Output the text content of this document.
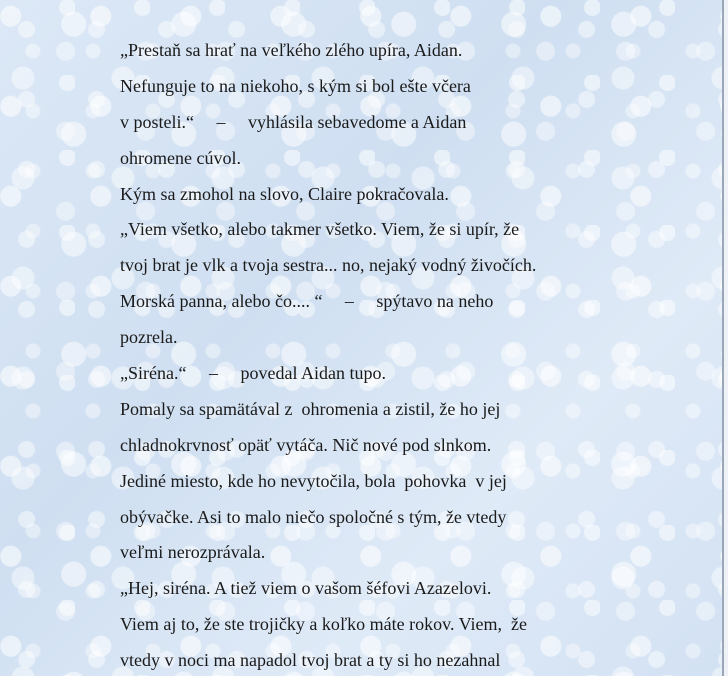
„Prestaň sa hrať na veľkého zlého upíra, Aidan.
Nefunguje to na niekoho, s kým si bol ešte včera
v posteli.“     –     vyhlásila sebavedome a Aidan
ohromene cúvol.
Kým sa zmohol na slovo, Claire pokračovala.
„Viem všetko, alebo takmer všetko. Viem, že si upír, že
tvoj brat je vlk a tvoja sestra... no, nejaký vodný živočích.
Morská panna, alebo čo.... “     –     spýtavo na neho
pozrela.
„Siréna.“     –     povedal Aidan tupo.
Pomaly sa spamätával z  ohromenia a zistil, že ho jej
chladnokrvnosť opäť vytáča. Nič nové pod slnkom.
Jediné miesto, kde ho nevytočila, bola  pohovka  v jej
obývačke. Asi to malo niečo spoločné s tým, že vtedy
veľmi nerozprávala.
„Hej, siréna. A tiež viem o vašom šéfovi Azazelovi.
Viem aj to, že ste trojičky a koľko máte rokov. Viem,  že
vtedy v noci ma napadol tvoj brat a ty si ho nezahnal
